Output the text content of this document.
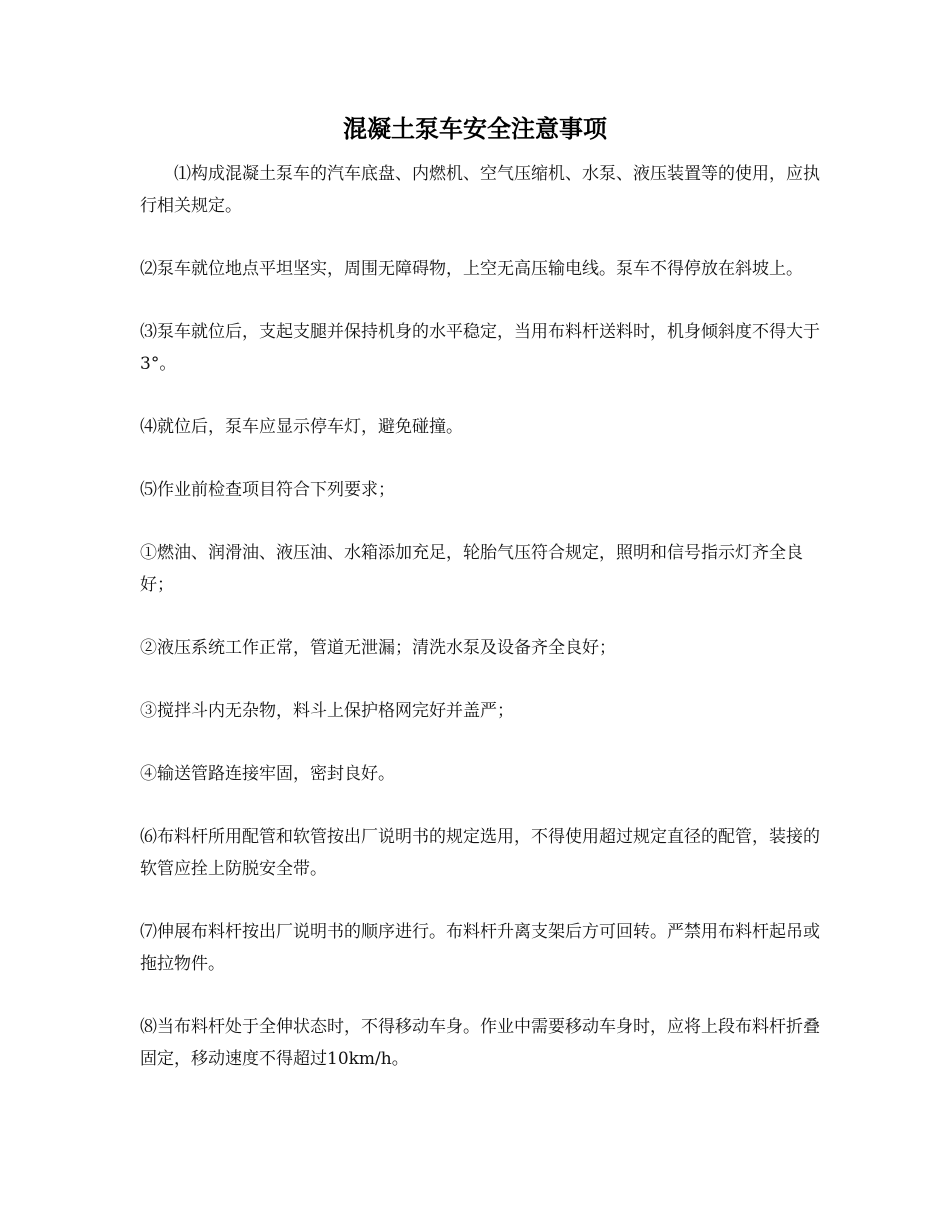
混凝土泵车安全注意事项

⑴构成混凝土泵车的汽车底盘、内燃机、空气压缩机、水泵、液压装置等的使用，应执行相关规定。

⑵泵车就位地点平坦坚实，周围无障碍物，上空无高压输电线。泵车不得停放在斜坡上。

⑶泵车就位后，支起支腿并保持机身的水平稳定，当用布料杆送料时，机身倾斜度不得大于3°。

⑷就位后，泵车应显示停车灯，避免碰撞。

⑸作业前检查项目符合下列要求；

①燃油、润滑油、液压油、水箱添加充足，轮胎气压符合规定，照明和信号指示灯齐全良好；

②液压系统工作正常，管道无泄漏；清洗水泵及设备齐全良好；

③搅拌斗内无杂物，料斗上保护格网完好并盖严；

④输送管路连接牢固，密封良好。

⑹布料杆所用配管和软管按出厂说明书的规定选用，不得使用超过规定直径的配管，装接的软管应拴上防脱安全带。

⑺伸展布料杆按出厂说明书的顺序进行。布料杆升离支架后方可回转。严禁用布料杆起吊或拖拉物件。

⑻当布料杆处于全伸状态时，不得移动车身。作业中需要移动车身时，应将上段布料杆折叠固定，移动速度不得超过10km/h。
